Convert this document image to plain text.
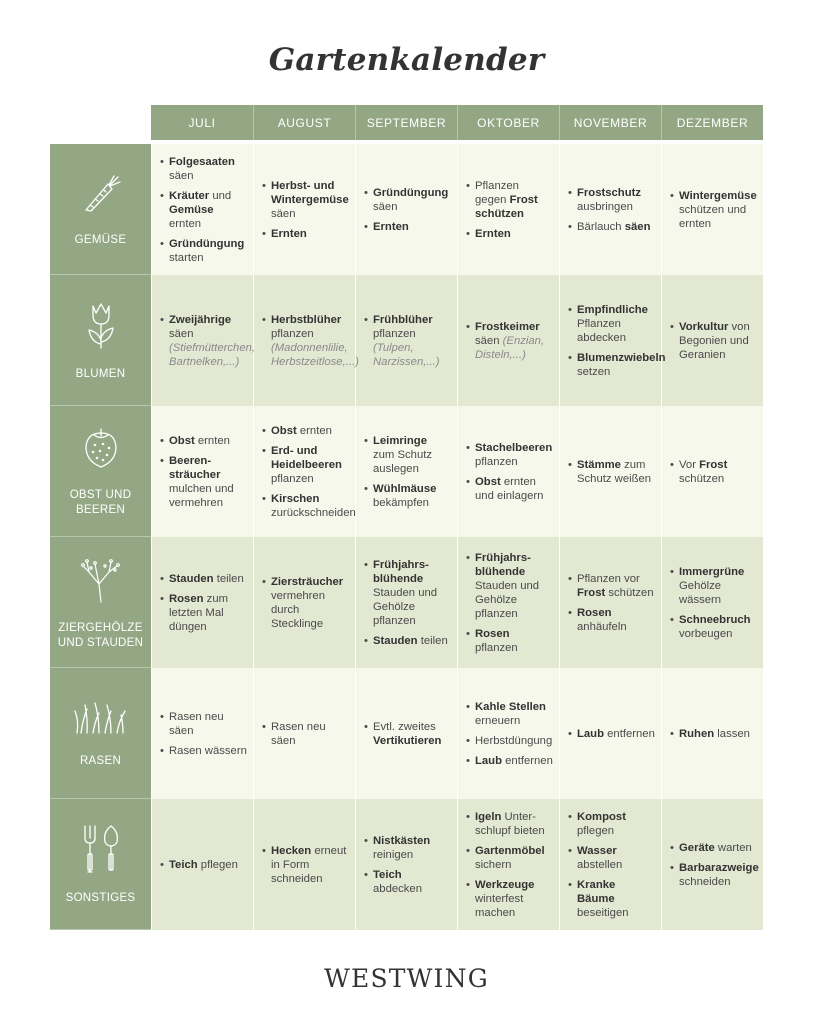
Gartenkalender
JULI	AUGUST	SEPTEMBER	OKTOBER	NOVEMBER	DEZEMBER
GEMÜSE
• Folgesaaten säen
• Kräuter und Gemüse ernten
• Gründüngung starten
• Herbst- und Wintergemüse säen
• Ernten
• Gründüngung säen
• Ernten
• Pflanzen gegen Frost schützen
• Ernten
• Frostschutz ausbringen
• Bärlauch säen
• Wintergemüse schützen und ernten
BLUMEN
• Zweijährige säen (Stiefmütterchen, Bartnelken,...)
• Herbstblüher pflanzen (Madonnenlilie, Herbstzeitlose,...)
• Frühblüher pflanzen (Tulpen, Narzissen,...)
• Frostkeimer säen (Enzian, Disteln,...)
• Empfindliche Pflanzen abdecken
• Blumenzwiebeln setzen
• Vorkultur von Begonien und Geranien
OBST UND BEEREN
• Obst ernten
• Beerensträucher mulchen und vermehren
• Obst ernten
• Erd- und Heidelbeeren pflanzen
• Kirschen zurückschneiden
• Leimringe zum Schutz auslegen
• Wühlmäuse bekämpfen
• Stachelbeeren pflanzen
• Obst ernten und einlagern
• Stämme zum Schutz weißen
• Vor Frost schützen
ZIERGEHÖLZE UND STAUDEN
• Stauden teilen
• Rosen zum letzten Mal düngen
• Ziersträucher vermehren durch Stecklinge
• Frühjahrsblühende Stauden und Gehölze pflanzen
• Stauden teilen
• Frühjahrsblühende Stauden und Gehölze pflanzen
• Rosen pflanzen
• Pflanzen vor Frost schützen
• Rosen anhäufeln
• Immergrüne Gehölze wässern
• Schneebruch vorbeugen
RASEN
• Rasen neu säen
• Rasen wässern
• Rasen neu säen
• Evtl. zweites Vertikutieren
• Kahle Stellen erneuern
• Herbstdüngung
• Laub entfernen
• Laub entfernen
•	Ruhen lassen
SONSTIGES
• Teich pflegen
• Hecken erneut in Form schneiden
• Nistkästen reinigen
• Teich abdecken
• Igeln Unterschlupf bieten
• Gartenmöbel sichern
• Werkzeuge winterfest machen
• Kompost pflegen
• Wasser abstellen
• Kranke Bäume beseitigen
• Geräte warten
• Barbarazweige schneiden
WESTWING
